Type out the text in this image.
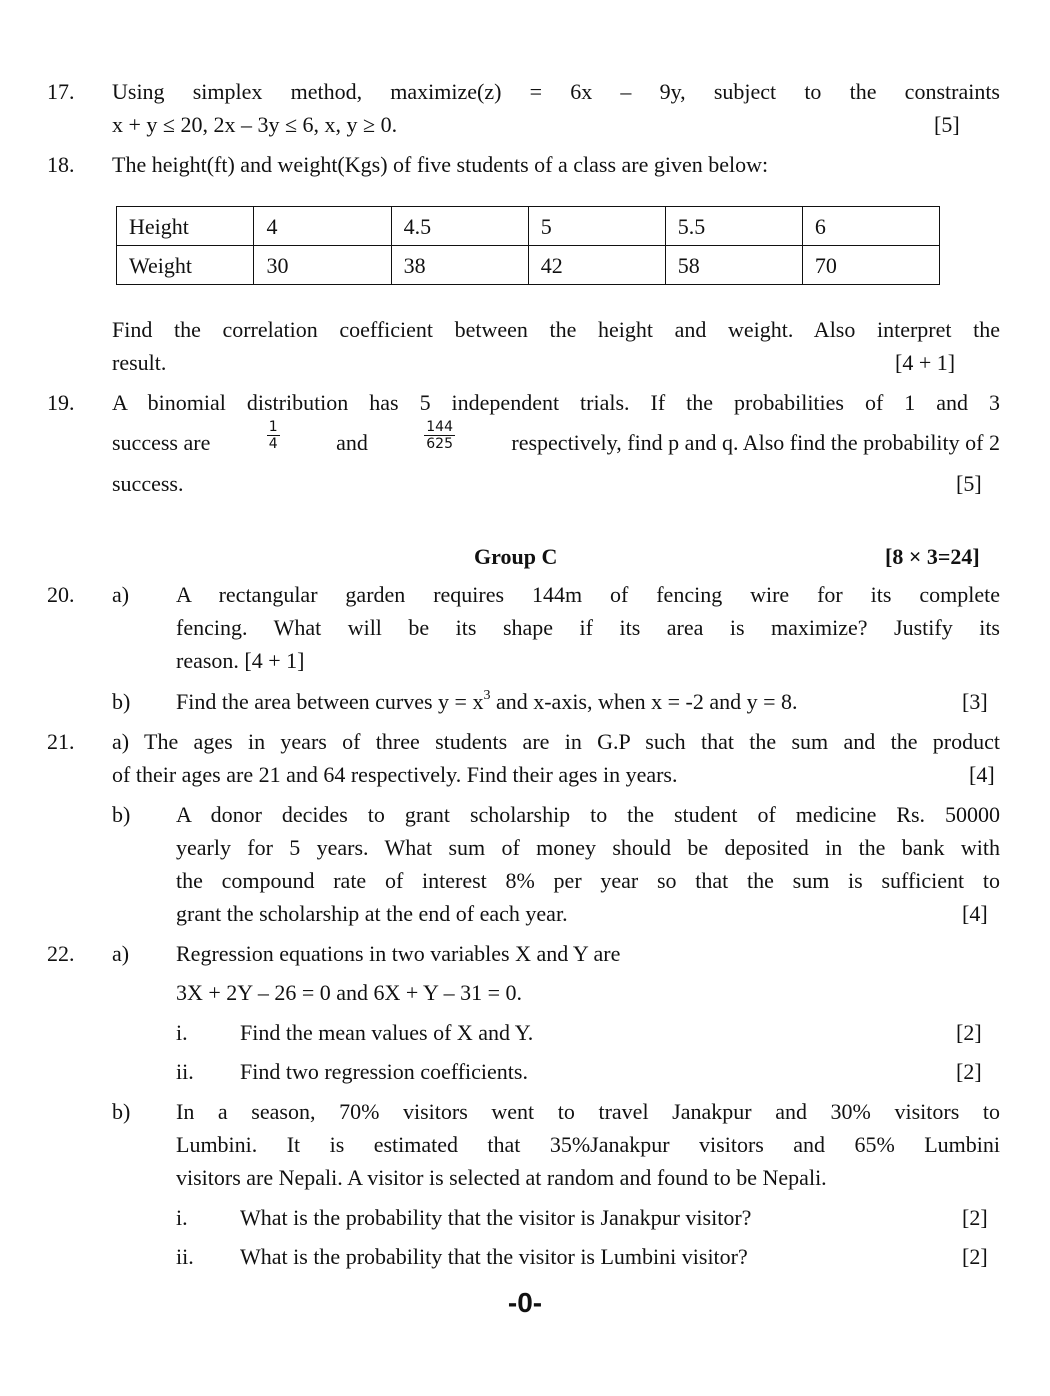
17. Using simplex method, maximize(z) = 6x – 9y, subject to the constraints
x + y ≤ 20, 2x – 3y ≤ 6, x, y ≥ 0.	[5]
18. The height(ft) and weight(Kgs) of five students of a class are given below:
Height	4	4.5	5	5.5	6
Weight	30	38	42	58	70
Find the correlation coefficient between the height and weight. Also interpret the
result.	[4 + 1]
19. A binomial distribution has 5 independent trials. If the probabilities of 1 and 3
success are	$\frac{1}{4}$	and	$\frac{144}{625}$	respectively, find p and q. Also find the probability of 2
success.	[5]
Group C	[8 × 3=24]
20. a) A rectangular garden requires 144m of fencing wire for its complete
fencing. What will be its shape if its area is maximize? Justify its
reason. [4 + 1]
b) Find the area between curves $y = x^3$ and x-axis, when x = -2 and y = 8.	[3]
21. a) The ages in years of three students are in G.P such that the sum and the product
of their ages are 21 and 64 respectively. Find their ages in years.	[4]
b) A donor decides to grant scholarship to the student of medicine Rs. 50000
yearly for 5 years. What sum of money should be deposited in the bank with
the compound rate of interest 8% per year so that the sum is sufficient to
grant the scholarship at the end of each year.	[4]
22. a) Regression equations in two variables X and Y are
3X + 2Y – 26 = 0 and 6X + Y – 31 = 0.
i. Find the mean values of X and Y.	[2]
ii. Find two regression coefficients.	[2]
b) In a season, 70% visitors went to travel Janakpur and 30% visitors to
Lumbini. It is estimated that 35%Janakpur visitors and 65% Lumbini
visitors are Nepali. A visitor is selected at random and found to be Nepali.
i. What is the probability that the visitor is Janakpur visitor?	[2]
ii. What is the probability that the visitor is Lumbini visitor?	[2]
-0-
